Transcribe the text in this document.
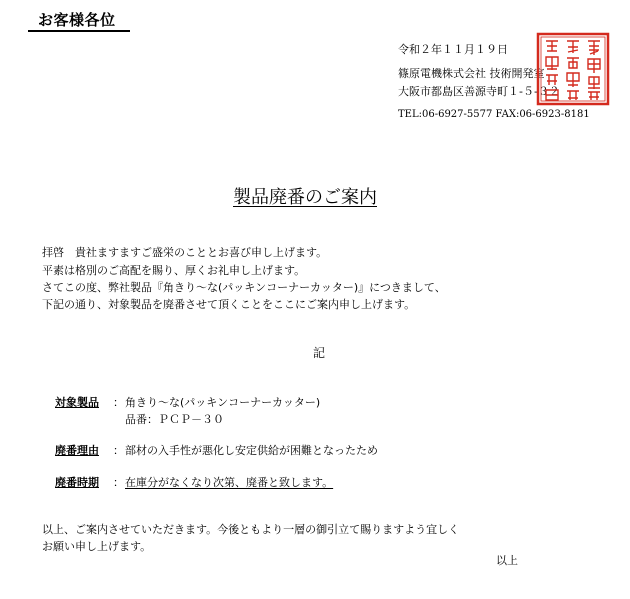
お客様各位
令和２年１１月１９日
篠原電機株式会社 技術開発室
大阪市都島区善源寺町１-５-３２
TEL:06-6927-5577 FAX:06-6923-8181
製品廃番のご案内
拝啓　貴社ますますご盛栄のこととお喜び申し上げます。
平素は格別のご高配を賜り、厚くお礼申し上げます。
さてこの度、弊社製品『角きり〜な(パッキンコーナーカッター)』につきまして、
下記の通り、対象製品を廃番させて頂くことをここにご案内申し上げます。
記
対象製品 ： 角きり〜な(パッキンコーナーカッター)
品番：ＰＣＰ－３０
廃番理由 ： 部材の入手性が悪化し安定供給が困難となったため
廃番時期 ： 在庫分がなくなり次第、廃番と致します。
以上、ご案内させていただきます。今後ともより一層の御引立て賜りますよう宜しく
お願い申し上げます。
以上
